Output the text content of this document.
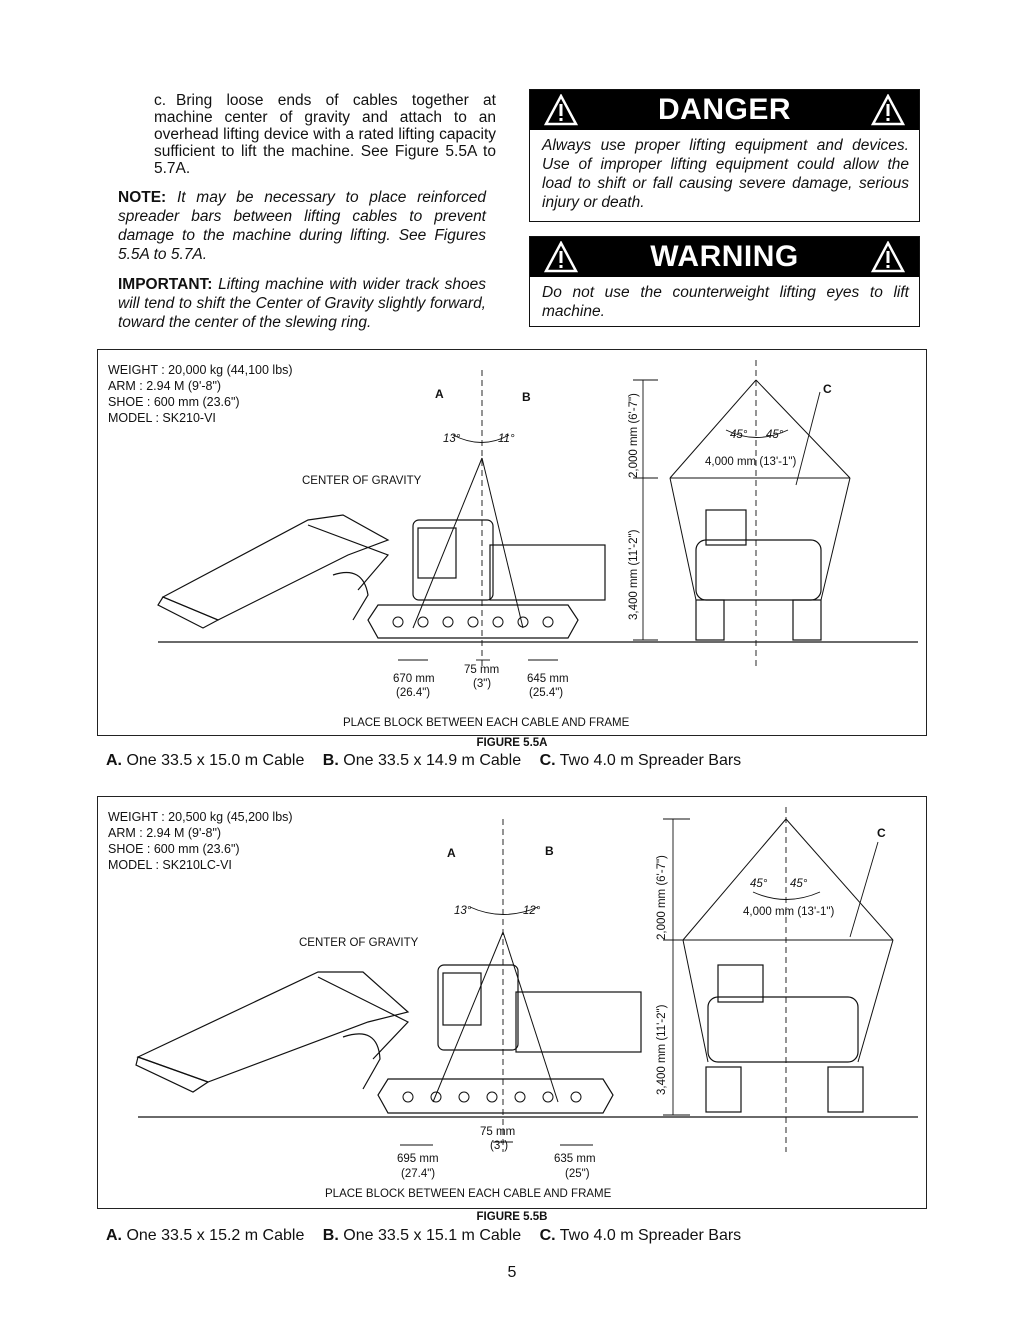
c. Bring loose ends of cables together at machine center of gravity and attach to an overhead lifting device with a rated lifting capacity sufficient to lift the machine. See Figure 5.5A to 5.7A.
NOTE: It may be necessary to place reinforced spreader bars between lifting cables to prevent damage to the machine during lifting. See Figures 5.5A to 5.7A.
IMPORTANT: Lifting machine with wider track shoes will tend to shift the Center of Gravity slightly forward, toward the center of the slewing ring.
DANGER
Always use proper lifting equipment and devices. Use of improper lifting equipment could allow the load to shift or fall causing severe damage, serious injury or death.
WARNING
Do not use the counterweight lifting eyes to lift machine.
WEIGHT : 20,000 kg (44,100 lbs)
ARM : 2.94 M (9'-8")
SHOE : 600 mm (23.6")
MODEL : SK210-VI
A	B
C
13°	11°	45° 45°
4,000 mm (13'-1")
CENTER OF GRAVITY
2,000 mm (6'-7")
3,400 mm (11'-2")
670 mm
(26.4")
75 mm
(3")	645 mm
(25.4")
PLACE BLOCK BETWEEN EACH CABLE AND FRAME
FIGURE 5.5A
A. One 33.5 x 15.0 m Cable B. One 33.5 x 14.9 m Cable C. Two 4.0 m Spreader Bars
WEIGHT : 20,500 kg (45,200 lbs)
ARM : 2.94 M (9'-8")
SHOE : 600 mm (23.6")
MODEL : SK210LC-VI
A	B
C
13°	12°
45° 45°
4,000 mm (13'-1")
CENTER OF GRAVITY
2,000 mm (6'-7")
3,400 mm (11'-2")
695 mm
(27.4")
75 mm
(3")
635 mm
(25")
PLACE BLOCK BETWEEN EACH CABLE AND FRAME
FIGURE 5.5B
A. One 33.5 x 15.2 m Cable B. One 33.5 x 15.1 m Cable C. Two 4.0 m Spreader Bars
5
